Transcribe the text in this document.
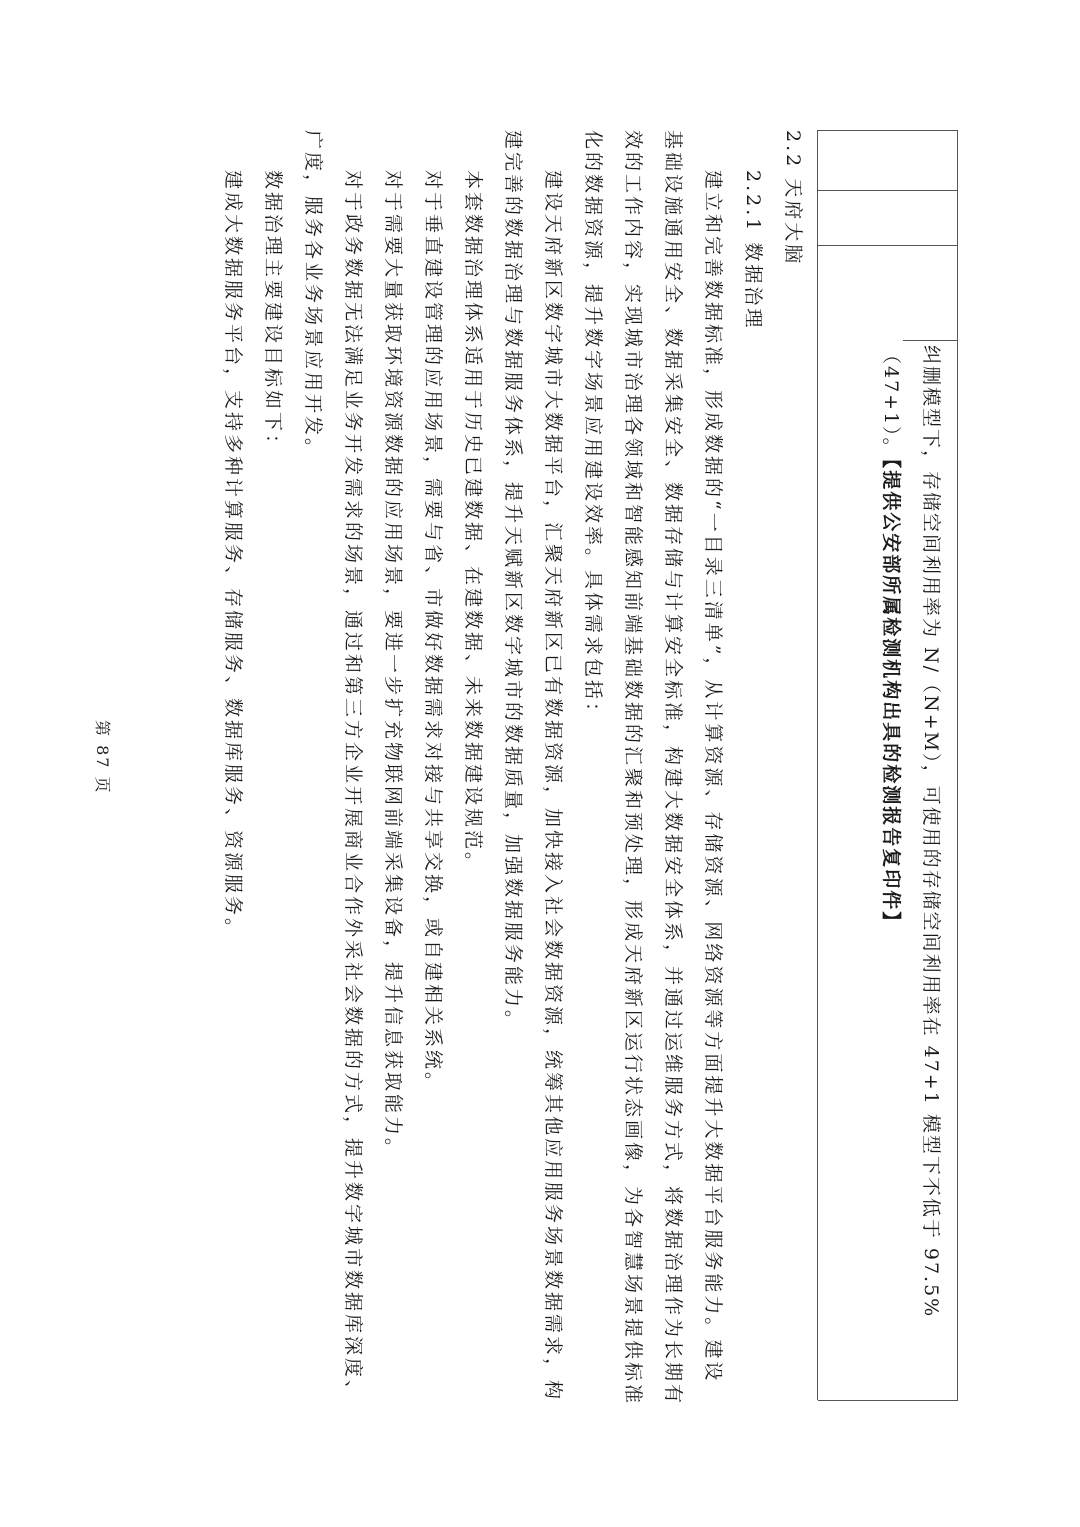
纠删模型下，存储空间利用率为 N/（N+M），可使用的存储空间利用率在 47+1 模型下不低于 97.5%
（47+1）。【提供公安部所属检测机构出具的检测报告复印件】
2.2 天府大脑
2.2.1 数据治理
建立和完善数据标准，形成数据的“一目录三清单”，从计算资源、存储资源、网络资源等方面提升大数据平台服务能力。建设
基础设施通用安全、数据采集安全、数据存储与计算安全标准，构建大数据安全体系，并通过运维服务方式，将数据治理作为长期有
效的工作内容，实现城市治理各领域和智能感知前端基础数据的汇聚和预处理，形成天府新区运行状态画像，为各智慧场景提供标准
化的数据资源，提升数字场景应用建设效率。具体需求包括：
建设天府新区数字城市大数据平台，汇聚天府新区已有数据资源，加快接入社会数据资源，统筹其他应用服务场景数据需求，构
建完善的数据治理与数据服务体系，提升天赋新区数字城市的数据质量，加强数据服务能力。
本套数据治理体系适用于历史已建数据、在建数据、未来数据建设规范。
对于垂直建设管理的应用场景，需要与省、市做好数据需求对接与共享交换，或自建相关系统。
对于需要大量获取环境资源数据的应用场景，要进一步扩充物联网前端采集设备，提升信息获取能力。
对于政务数据无法满足业务开发需求的场景，通过和第三方企业开展商业合作外采社会数据的方式，提升数字城市数据库深度、
广度，服务各业务场景应用开发。
数据治理主要建设目标如下：
建成大数据服务平台，支持多种计算服务、存储服务、数据库服务、资源服务。
第 87 页
